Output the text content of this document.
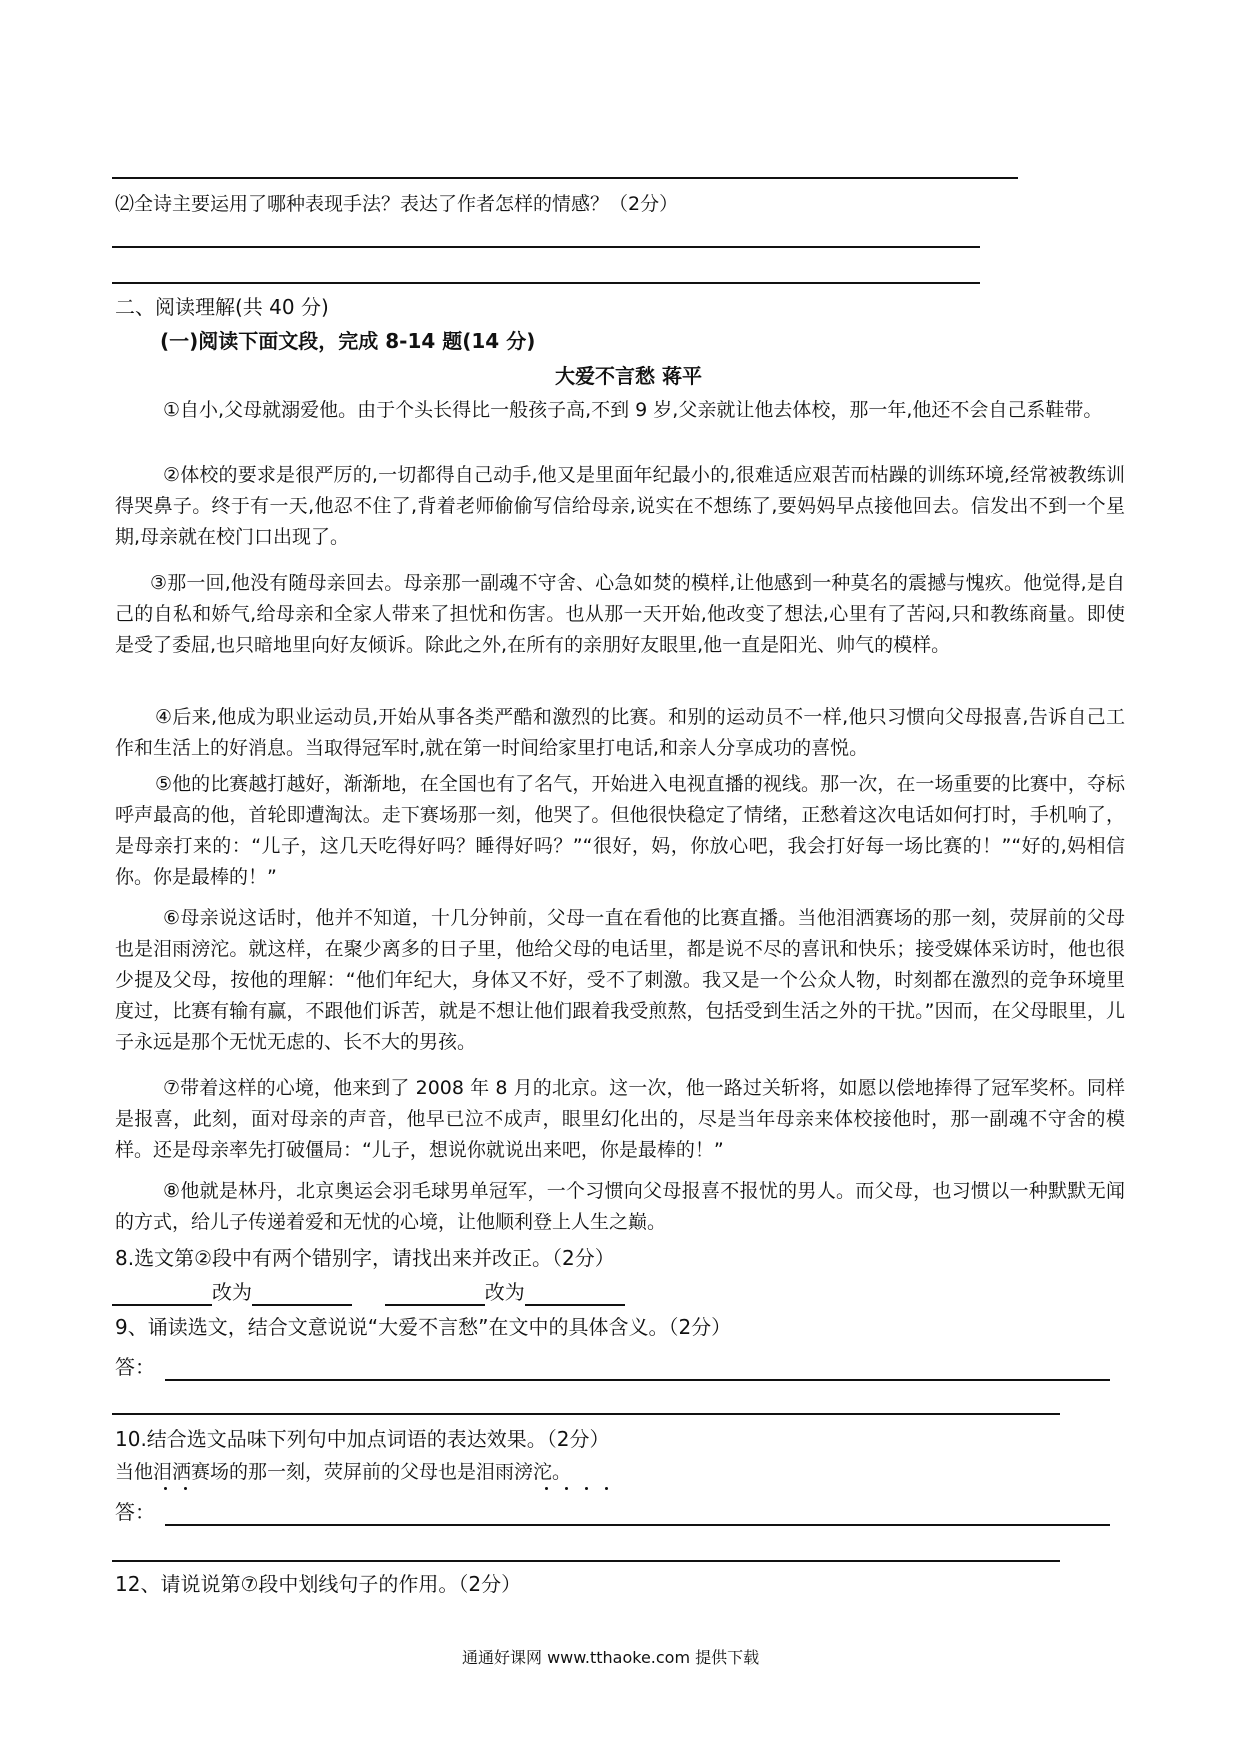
⑵全诗主要运用了哪种表现手法？表达了作者怎样的情感？（2分）
二、阅读理解(共 40 分)
(一)阅读下面文段，完成 8-14 题(14 分)
大爱不言愁 蒋平
①自小,父母就溺爱他。由于个头长得比一般孩子高,不到 9 岁,父亲就让他去体校，那一年,他还不会自己系鞋带。
②体校的要求是很严厉的,一切都得自己动手,他又是里面年纪最小的,很难适应艰苦而枯躁的训练环境,经常被教练训得哭鼻子。终于有一天,他忍不住了,背着老师偷偷写信给母亲,说实在不想练了,要妈妈早点接他回去。信发出不到一个星期,母亲就在校门口出现了。
③那一回,他没有随母亲回去。母亲那一副魂不守舍、心急如焚的模样,让他感到一种莫名的震撼与愧疚。他觉得,是自己的自私和娇气,给母亲和全家人带来了担忧和伤害。也从那一天开始,他改变了想法,心里有了苦闷,只和教练商量。即使是受了委屈,也只暗地里向好友倾诉。除此之外,在所有的亲朋好友眼里,他一直是阳光、帅气的模样。
④后来,他成为职业运动员,开始从事各类严酷和激烈的比赛。和别的运动员不一样,他只习惯向父母报喜,告诉自己工作和生活上的好消息。当取得冠军时,就在第一时间给家里打电话,和亲人分享成功的喜悦。
⑤他的比赛越打越好，渐渐地，在全国也有了名气，开始进入电视直播的视线。那一次，在一场重要的比赛中，夺标呼声最高的他，首轮即遭淘汰。走下赛场那一刻，他哭了。但他很快稳定了情绪，正愁着这次电话如何打时，手机响了，是母亲打来的：“儿子，这几天吃得好吗？睡得好吗？”“很好，妈，你放心吧，我会打好每一场比赛的！”“好的,妈相信你。你是最棒的！”
⑥母亲说这话时，他并不知道，十几分钟前，父母一直在看他的比赛直播。当他泪洒赛场的那一刻，荧屏前的父母也是泪雨滂沱。就这样，在聚少离多的日子里，他给父母的电话里，都是说不尽的喜讯和快乐；接受媒体采访时，他也很少提及父母，按他的理解：“他们年纪大，身体又不好，受不了刺激。我又是一个公众人物，时刻都在激烈的竞争环境里度过，比赛有输有赢，不跟他们诉苦，就是不想让他们跟着我受煎熬，包括受到生活之外的干扰。”因而，在父母眼里，儿子永远是那个无忧无虑的、长不大的男孩。
⑦带着这样的心境，他来到了 2008 年 8 月的北京。这一次，他一路过关斩将，如愿以偿地捧得了冠军奖杯。同样是报喜，此刻，面对母亲的声音，他早已泣不成声，眼里幻化出的，尽是当年母亲来体校接他时，那一副魂不守舍的模样。还是母亲率先打破僵局：“儿子，想说你就说出来吧，你是最棒的！”
⑧他就是林丹，北京奥运会羽毛球男单冠军，一个习惯向父母报喜不报忧的男人。而父母，也习惯以一种默默无闻的方式，给儿子传递着爱和无忧的心境，让他顺利登上人生之巅。
8.选文第②段中有两个错别字，请找出来并改正。（2分）
改为	改为
9、诵读选文，结合文意说说“大爱不言愁”在文中的具体含义。（2分）
答：
10.结合选文品味下列句中加点词语的表达效果。（2分）
当他泪洒赛场的那一刻，荧屏前的父母也是泪雨滂沱。
答：
12、请说说第⑦段中划线句子的作用。（2分）
通通好课网 www.tthaoke.com 提供下载
